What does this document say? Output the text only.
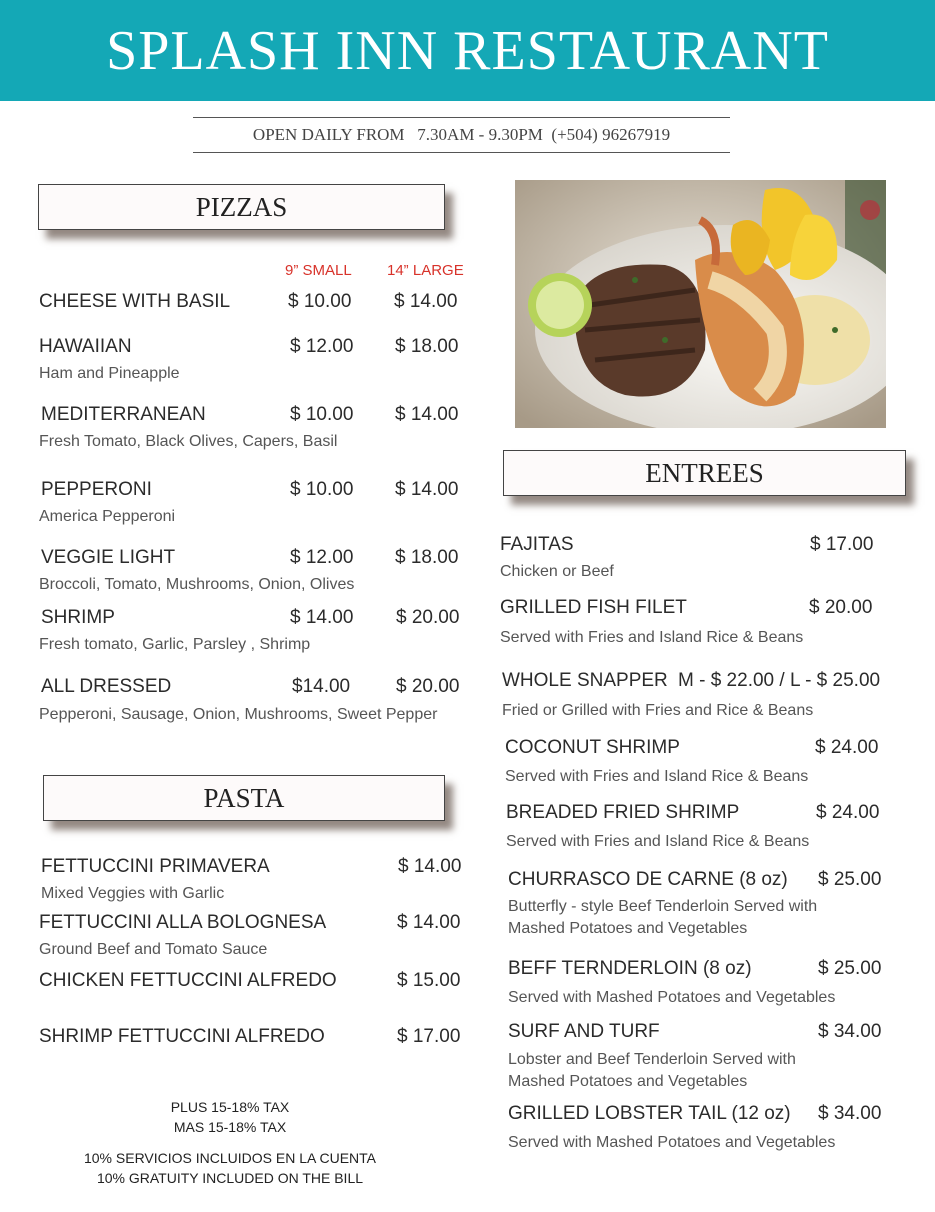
SPLASH INN RESTAURANT
OPEN DAILY FROM   7.30AM - 9.30PM  (+504) 96267919
PIZZAS
9” SMALL 14” LARGE
CHEESE WITH BASIL	$ 10.00 $ 14.00
HAWAIIAN	$ 12.00 $ 18.00
Ham and Pineapple
MEDITERRANEAN	$ 10.00 $ 14.00
Fresh Tomato, Black Olives, Capers, Basil
PEPPERONI	$ 10.00 $ 14.00
America Pepperoni
VEGGIE LIGHT	$ 12.00 $ 18.00
Broccoli, Tomato, Mushrooms, Onion, Olives
SHRIMP	$ 14.00 $ 20.00
Fresh tomato, Garlic, Parsley , Shrimp
ALL DRESSED	$14.00 $ 20.00
Pepperoni, Sausage, Onion, Mushrooms, Sweet Pepper
PASTA
FETTUCCINI PRIMAVERA	$ 14.00
Mixed Veggies with Garlic
FETTUCCINI ALLA BOLOGNESA	$ 14.00
Ground Beef and Tomato Sauce
CHICKEN FETTUCCINI ALFREDO	$ 15.00
SHRIMP FETTUCCINI ALFREDO	$ 17.00
PLUS 15-18% TAX
MAS 15-18% TAX
10% SERVICIOS INCLUIDOS EN LA CUENTA
10% GRATUITY INCLUDED ON THE BILL
ENTREES
FAJITAS	$ 17.00
Chicken or Beef
GRILLED FISH FILET	$ 20.00
Served with Fries and Island Rice & Beans
WHOLE SNAPPER M - $ 22.00 / L - $ 25.00
Fried or Grilled with Fries and Rice & Beans
COCONUT SHRIMP	$ 24.00
Served with Fries and Island Rice & Beans
BREADED FRIED SHRIMP	$ 24.00
Served with Fries and Island Rice & Beans
CHURRASCO DE CARNE (8 oz) $ 25.00
Butterfly - style Beef Tenderloin Served with
Mashed Potatoes and Vegetables
BEFF TERNDERLOIN (8 oz)	$ 25.00
Served with Mashed Potatoes and Vegetables
SURF AND TURF	$ 34.00
Lobster and Beef Tenderloin Served with
Mashed Potatoes and Vegetables
GRILLED LOBSTER TAIL (12 oz) $ 34.00
Served with Mashed Potatoes and Vegetables
